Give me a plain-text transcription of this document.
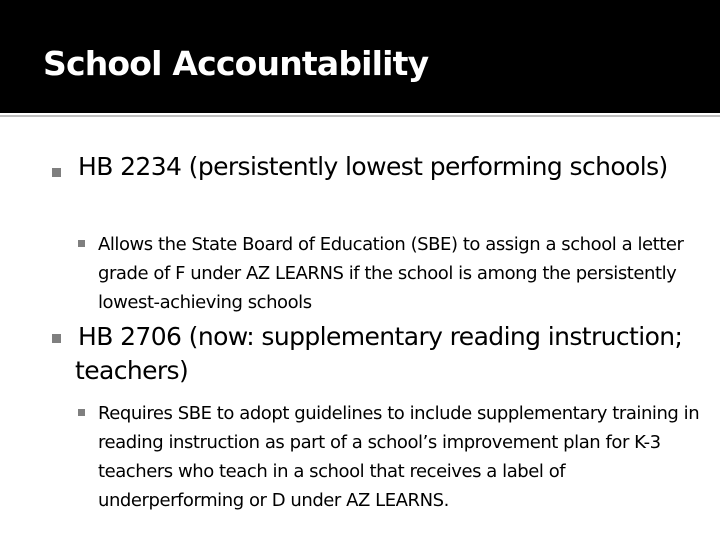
School Accountability

HB 2234 (persistently lowest performing schools)

Allows the State Board of Education (SBE) to assign a school a letter grade of F under AZ LEARNS if the school is among the persistently lowest-achieving schools

HB 2706 (now: supplementary reading instruction; teachers)

Requires SBE to adopt guidelines to include supplementary training in reading instruction as part of a school’s improvement plan for K-3 teachers who teach in a school that receives a label of underperforming or D under AZ LEARNS.
